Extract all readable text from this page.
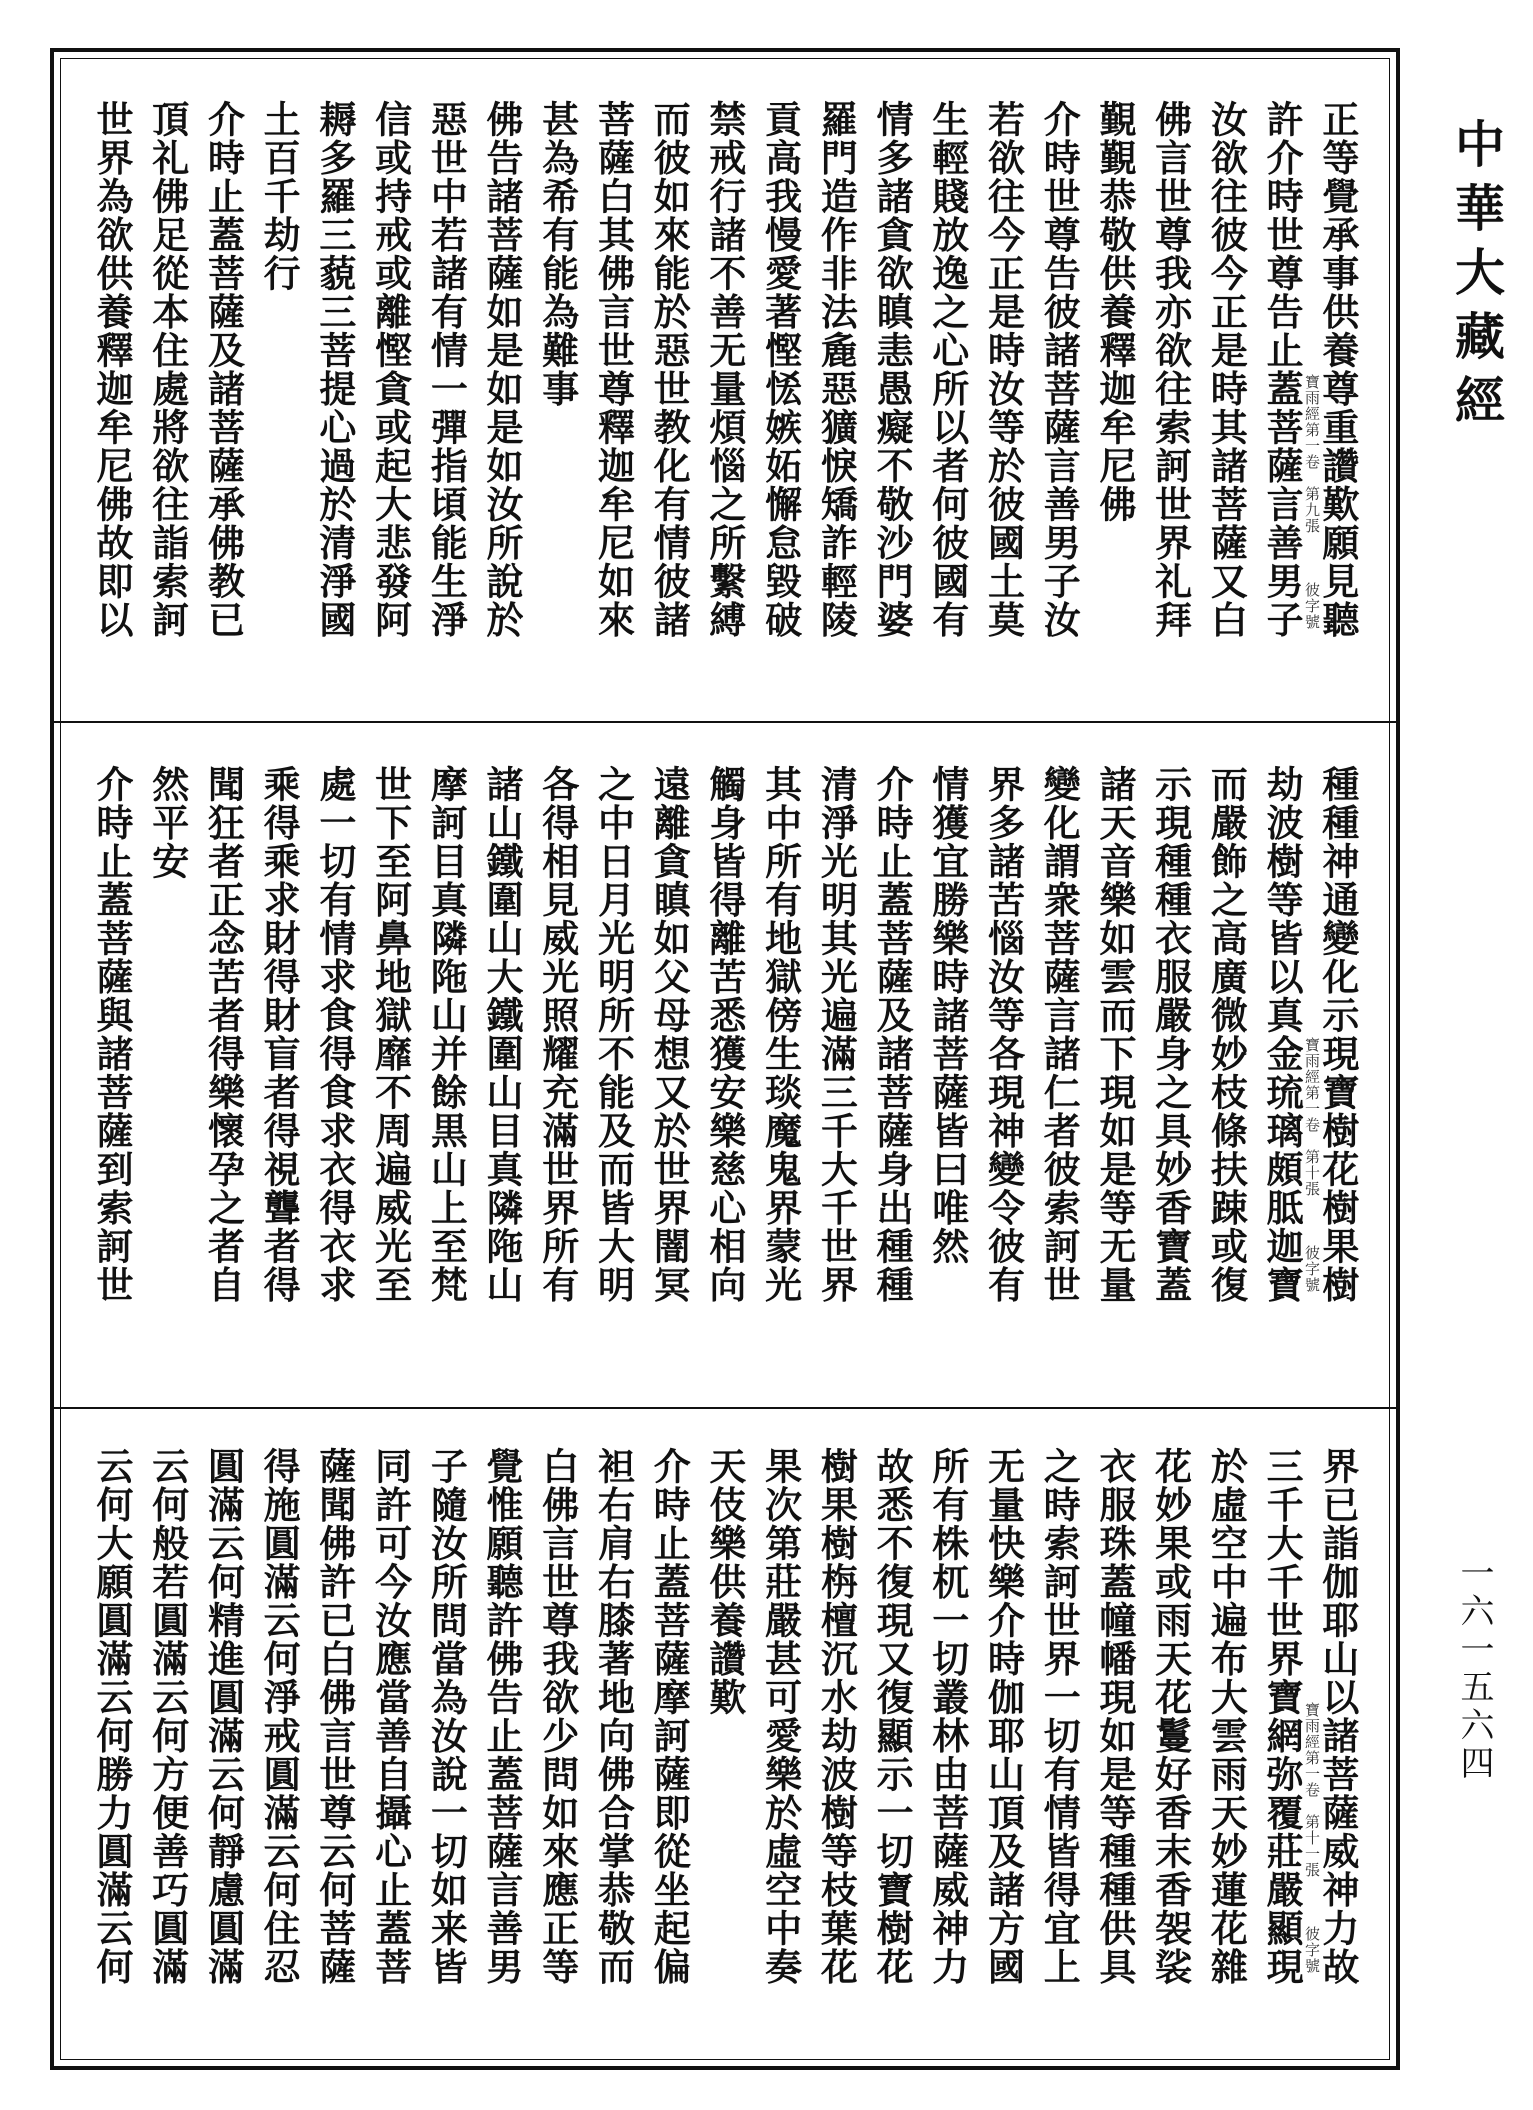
正等覺承事供養尊重讚歎願見聽
許介時世尊告止蓋菩薩言善男子
汝欲往彼今正是時其諸菩薩又白
佛言世尊我亦欲往索訶世界礼拜
覲覲恭敬供養釋迦牟尼佛
介時世尊告彼諸菩薩言善男子汝
若欲往今正是時汝等於彼國土莫
生輕賤放逸之心所以者何彼國有
情多諸貪欲瞋恚愚癡不敬沙門婆
羅門造作非法麁惡獷悷矯詐輕陵
貢高我慢愛著慳恡嫉妬懈怠毀破
禁戒行諸不善无量煩惱之所繫縛
而彼如來能於惡世教化有情彼諸
菩薩白其佛言世尊釋迦牟尼如來
甚為希有能為難事
佛告諸菩薩如是如是如汝所說於
惡世中若諸有情一彈指頃能生淨
信或持戒或離慳貪或起大悲發阿
耨多羅三藐三菩提心過於清淨國
土百千劫行
介時止蓋菩薩及諸菩薩承佛教已
頂礼佛足從本住處將欲往詣索訶
世界為欲供養釋迦牟尼佛故即以	寶雨經第一卷　第九張　　　彼字號
種種神通變化示現寶樹花樹果樹
劫波樹等皆以真金琉璃頗胝迦寶
而嚴飾之高廣微妙枝條扶踈或復
示現種種衣服嚴身之具妙香寶蓋
諸天音樂如雲而下現如是等无量
變化謂衆菩薩言諸仁者彼索訶世
界多諸苦惱汝等各現神變令彼有
情獲宜勝樂時諸菩薩皆曰唯然
介時止蓋菩薩及諸菩薩身出種種
清淨光明其光遍滿三千大千世界
其中所有地獄傍生琰魔鬼界蒙光
觸身皆得離苦悉獲安樂慈心相向
遠離貪瞋如父母想又於世界闇冥
之中日月光明所不能及而皆大明
各得相見威光照耀充滿世界所有
諸山鐵圍山大鐵圍山目真隣陁山
摩訶目真隣陁山并餘黒山上至梵
世下至阿鼻地獄靡不周遍威光至
處一切有情求食得食求衣得衣求
乘得乘求財得財盲者得視聾者得
聞狂者正念苦者得樂懷孕之者自
然平安
介時止蓋菩薩與諸菩薩到索訶世	寶雨經第一卷　第十張　　　彼字號
界已詣伽耶山以諸菩薩威神力故
三千大千世界寶網弥覆莊嚴顯現
於虛空中遍布大雲雨天妙蓮花雜
花妙果或雨天花鬘好香末香袈裟
衣服珠蓋幢幡現如是等種種供具
之時索訶世界一切有情皆得宜上
无量快樂介時伽耶山頂及諸方國
所有株杌一切叢林由菩薩威神力
故悉不復現又復顯示一切寶樹花
樹果樹栴檀沉水劫波樹等枝葉花
果次第莊嚴甚可愛樂於虛空中奏
天伎樂供養讚歎
介時止蓋菩薩摩訶薩即從坐起偏
袒右肩右膝著地向佛合掌恭敬而
白佛言世尊我欲少問如來應正等
覺惟願聽許佛告止蓋菩薩言善男
子隨汝所問當為汝說一切如来皆
同許可今汝應當善自攝心止蓋菩
薩聞佛許已白佛言世尊云何菩薩
得施圓滿云何淨戒圓滿云何住忍
圓滿云何精進圓滿云何靜慮圓滿
云何般若圓滿云何方便善巧圓滿
云何大願圓滿云何勝力圓滿云何	寶雨經第一卷　第十一張　　　彼字號
中華大藏經
一六一五六四
